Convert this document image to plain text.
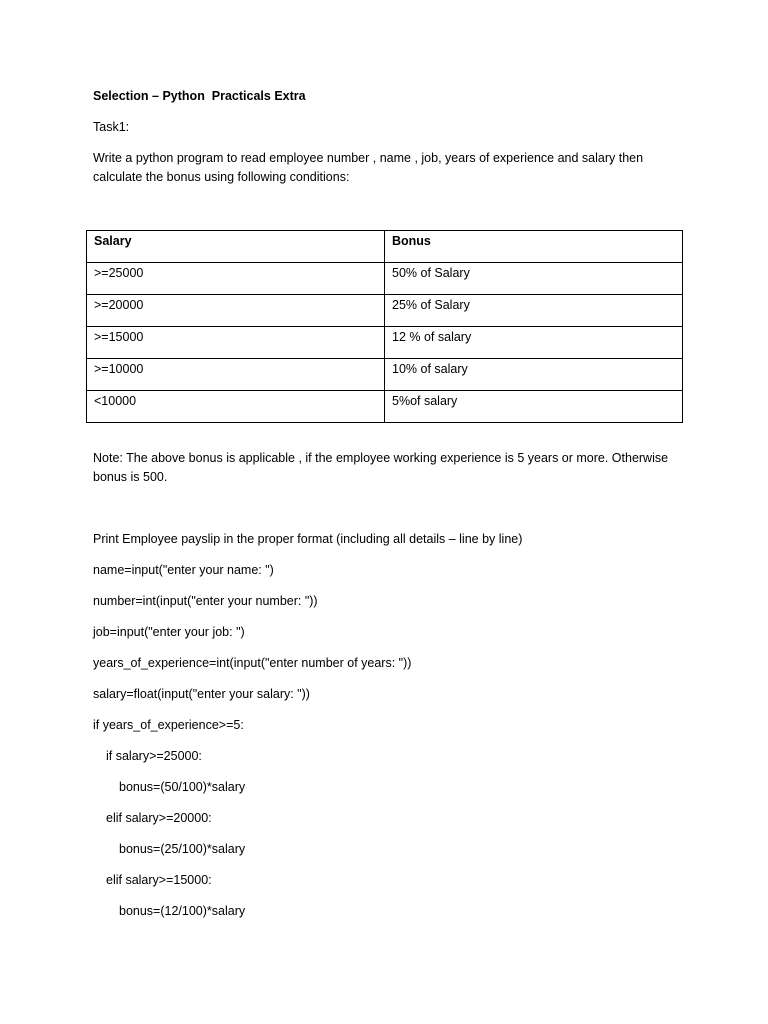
Selection – Python  Practicals Extra
Task1:
Write a python program to read employee number , name , job, years of experience and salary then calculate the bonus using following conditions:
Salary	Bonus
>=25000	50% of Salary
>=20000	25% of Salary
>=15000	12 % of salary
>=10000	10% of salary
<10000	5%of salary
Note: The above bonus is applicable , if the employee working experience is 5 years or more. Otherwise bonus is 500.
Print Employee payslip in the proper format (including all details – line by line)
name=input("enter your name: ")
number=int(input("enter your number: "))
job=input("enter your job: ")
years_of_experience=int(input("enter number of years: "))
salary=float(input("enter your salary: "))
if years_of_experience>=5:
if salary>=25000:
bonus=(50/100)*salary
elif salary>=20000:
bonus=(25/100)*salary
elif salary>=15000:
bonus=(12/100)*salary
